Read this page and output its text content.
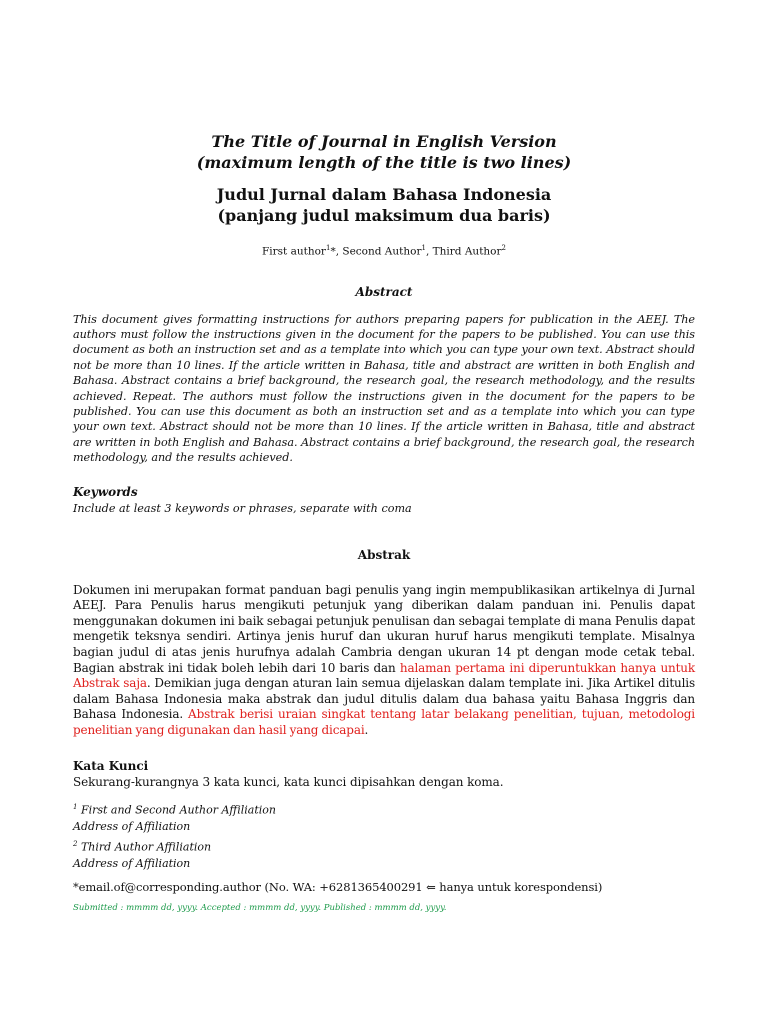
The Title of Journal in English Version
(maximum length of the title is two lines)
Judul Jurnal dalam Bahasa Indonesia
(panjang judul maksimum dua baris)
First author$^1$*, Second Author$^1$, Third Author$^2$
Abstract
This document gives formatting instructions for authors preparing papers for publication in the AEEJ. The authors must follow the instructions given in the document for the papers to be published. You can use this document as both an instruction set and as a template into which you can type your own text. Abstract should not be more than 10 lines. If the article written in Bahasa, title and abstract are written in both English and Bahasa. Abstract contains a brief background, the research goal, the research methodology, and the results achieved. Repeat. The authors must follow the instructions given in the document for the papers to be published. You can use this document as both an instruction set and as a template into which you can type your own text. Abstract should not be more than 10 lines. If the article written in Bahasa, title and abstract are written in both English and Bahasa. Abstract contains a brief background, the research goal, the research methodology, and the results achieved.
Keywords
Include at least 3 keywords or phrases, separate with coma
Abstrak
Dokumen ini merupakan format panduan bagi penulis yang ingin mempublikasikan artikelnya di Jurnal AEEJ. Para Penulis harus mengikuti petunjuk yang diberikan dalam panduan ini. Penulis dapat menggunakan dokumen ini baik sebagai petunjuk penulisan dan sebagai template di mana Penulis dapat mengetik teksnya sendiri. Artinya jenis huruf dan ukuran huruf harus mengikuti template. Misalnya bagian judul di atas jenis hurufnya adalah Cambria dengan ukuran 14 pt dengan mode cetak tebal. Bagian abstrak ini tidak boleh lebih dari 10 baris dan halaman pertama ini diperuntukkan hanya untuk Abstrak saja. Demikian juga dengan aturan lain semua dijelaskan dalam template ini. Jika Artikel ditulis dalam Bahasa Indonesia maka abstrak dan judul ditulis dalam dua bahasa yaitu Bahasa Inggris dan Bahasa Indonesia. Abstrak berisi uraian singkat tentang latar belakang penelitian, tujuan, metodologi penelitian yang digunakan dan hasil yang dicapai.
Kata Kunci
Sekurang-kurangnya 3 kata kunci, kata kunci dipisahkan dengan koma.

$^1$ First and Second Author Affiliation

Address of Affiliation

$^2$ Third Author Affiliation

Address of Affiliation

*email.of@corresponding.author (No. WA: +6281365400291 ⇐ hanya untuk korespondensi)
Submitted : mmmm dd, yyyy. Accepted : mmmm dd, yyyy. Published : mmmm dd, yyyy.
